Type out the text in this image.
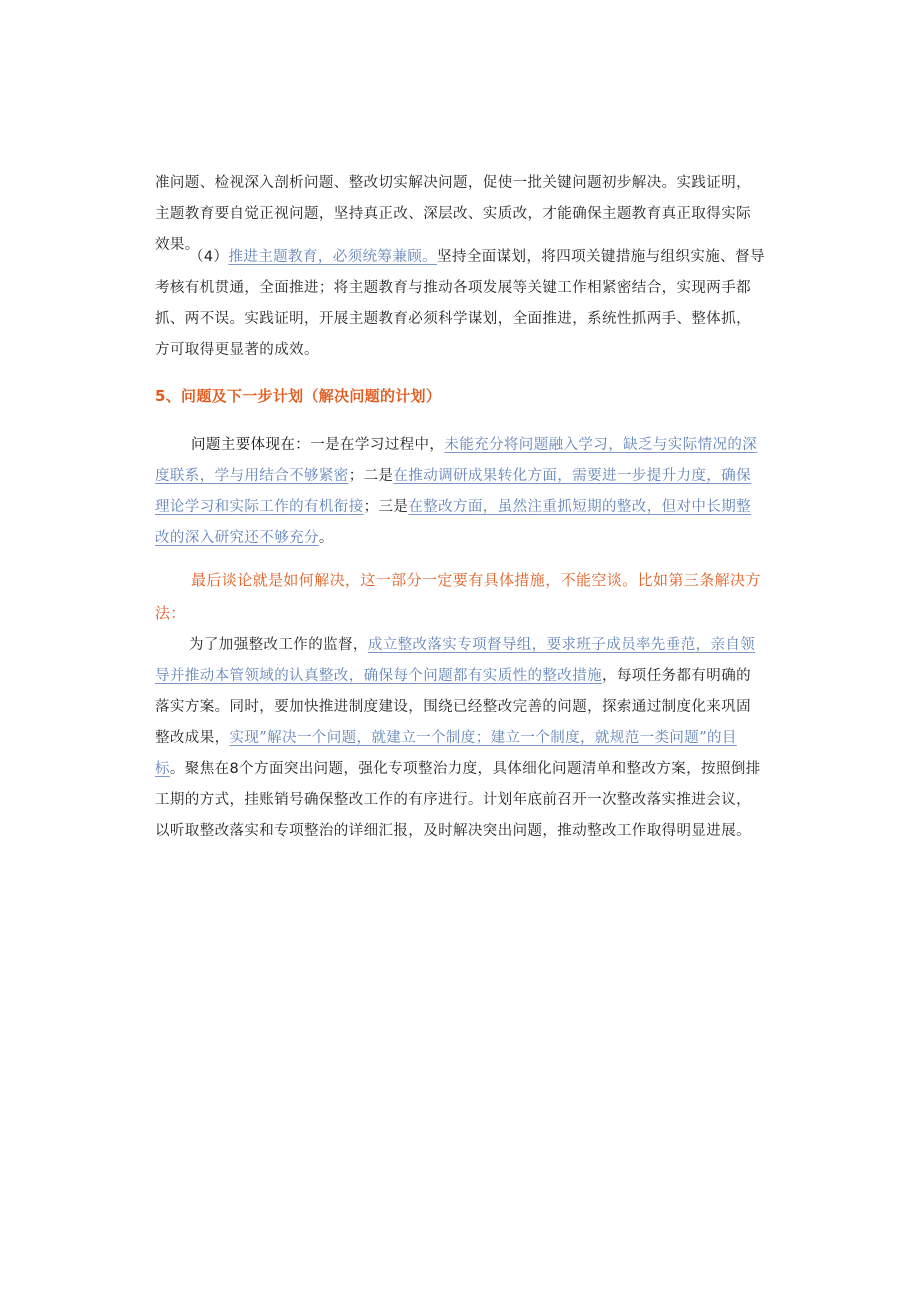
准问题、检视深入剖析问题、整改切实解决问题，促使一批关键问题初步解决。实践证明，主题教育要自觉正视问题，坚持真正改、深层改、实质改，才能确保主题教育真正取得实际效果。

（4）推进主题教育，必须统筹兼顾。坚持全面谋划，将四项关键措施与组织实施、督导考核有机贯通，全面推进；将主题教育与推动各项发展等关键工作相紧密结合，实现两手都抓、两不误。实践证明，开展主题教育必须科学谋划，全面推进，系统性抓两手、整体抓，方可取得更显著的成效。

5、问题及下一步计划（解决问题的计划）

问题主要体现在：一是在学习过程中，未能充分将问题融入学习，缺乏与实际情况的深度联系，学与用结合不够紧密；二是在推动调研成果转化方面，需要进一步提升力度，确保理论学习和实际工作的有机衔接；三是在整改方面，虽然注重抓短期的整改，但对中长期整改的深入研究还不够充分。

最后谈论就是如何解决，这一部分一定要有具体措施，不能空谈。比如第三条解决方法：

为了加强整改工作的监督，成立整改落实专项督导组，要求班子成员率先垂范，亲自领导并推动本管领域的认真整改，确保每个问题都有实质性的整改措施，每项任务都有明确的落实方案。同时，要加快推进制度建设，围绕已经整改完善的问题，探索通过制度化来巩固整改成果，实现”解决一个问题，就建立一个制度；建立一个制度，就规范一类问题”的目标。聚焦在8个方面突出问题，强化专项整治力度，具体细化问题清单和整改方案，按照倒排工期的方式，挂账销号确保整改工作的有序进行。计划年底前召开一次整改落实推进会议，以听取整改落实和专项整治的详细汇报，及时解决突出问题，推动整改工作取得明显进展。
